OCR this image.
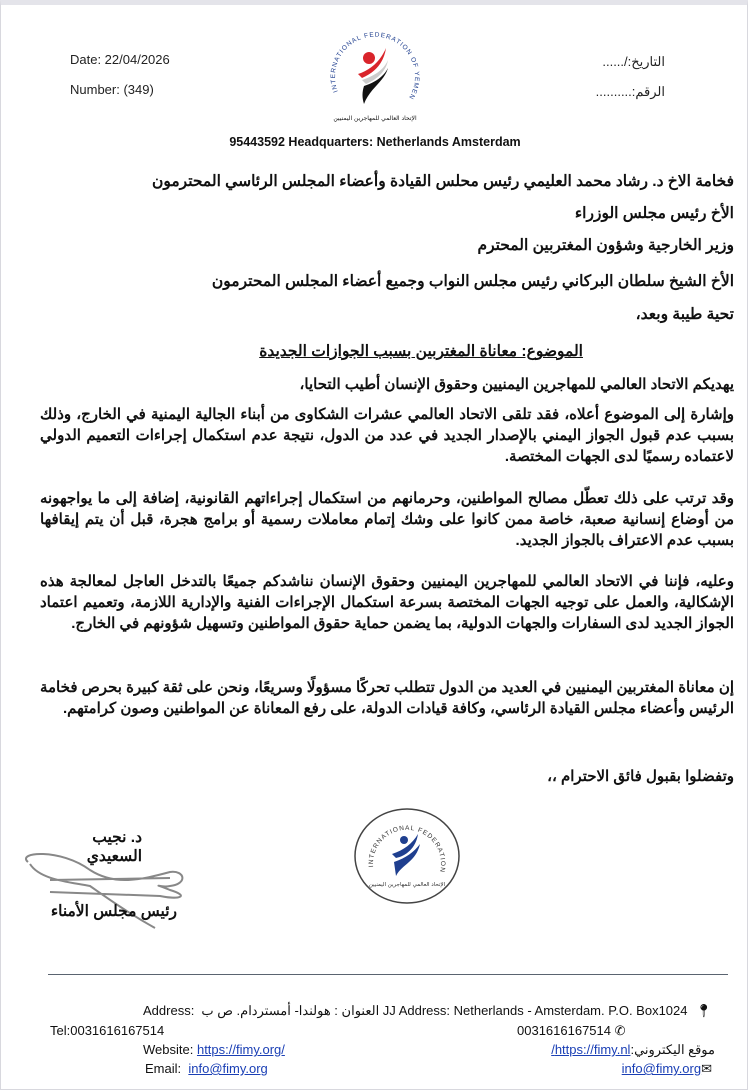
Date: 22/04/2026
Number: (349)
التاريخ:/......
الرقم:..........
INTERNATIONAL FEDERATION OF YEMEN
الإتحاد العالمي للمهاجرين اليمنيين
95443592 Headquarters: Netherlands Amsterdam
فخامة الاخ د. رشاد محمد العليمي رئيس محلس القيادة وأعضاء المجلس الرئاسي المحترمون
الأخ رئيس مجلس الوزراء
وزير الخارجية وشؤون المغتربين المحترم
الأخ الشيخ سلطان البركاني رئيس مجلس النواب وجميع أعضاء المجلس المحترمون
تحية طيبة وبعد،
الموضوع: معاناة المغتربين بسبب الجوازات الجديدة
يهديكم الاتحاد العالمي للمهاجرين اليمنيين وحقوق الإنسان أطيب التحايا،
وإشارة إلى الموضوع أعلاه، فقد تلقى الاتحاد العالمي عشرات الشكاوى من أبناء الجالية اليمنية في الخارج، وذلك بسبب عدم قبول الجواز اليمني بالإصدار الجديد في عدد من الدول، نتيجة عدم استكمال إجراءات التعميم الدولي لاعتماده رسميًا لدى الجهات المختصة.
وقد ترتب على ذلك تعطّل مصالح المواطنين، وحرمانهم من استكمال إجراءاتهم القانونية، إضافة إلى ما يواجهونه من أوضاع إنسانية صعبة، خاصة ممن كانوا على وشك إتمام معاملات رسمية أو برامج هجرة، قبل أن يتم إيقافها بسبب عدم الاعتراف بالجواز الجديد.
وعليه، فإننا في الاتحاد العالمي للمهاجرين اليمنيين وحقوق الإنسان نناشدكم جميعًا بالتدخل العاجل لمعالجة هذه الإشكالية، والعمل على توجيه الجهات المختصة بسرعة استكمال الإجراءات الفنية والإدارية اللازمة، وتعميم اعتماد الجواز الجديد لدى السفارات والجهات الدولية، بما يضمن حماية حقوق المواطنين وتسهيل شؤونهم في الخارج.
إن معاناة المغتربين اليمنيين في العديد من الدول تتطلب تحركًا مسؤولًا وسريعًا، ونحن على ثقة كبيرة بحرص فخامة الرئيس وأعضاء مجلس القيادة الرئاسي، وكافة قيادات الدولة، على رفع المعاناة عن المواطنين وصون كرامتهم.
وتفضلوا بقبول فائق الاحترام ،،
د. نجيب السعيدي
رئيس مجلس الأمناء
INTERNATIONAL FEDERATION
الإتحاد العالمي للمهاجرين اليمنيين
Address:	📍︎JJ Address: Netherlands - Amsterdam. P.O. Box1024 العنوان : هولندا- أمستردام. ص ب
Tel:0031616167514	0031616167514 ✆
Website: https://fimy.org/	موقع اليكتروني:https://fimy.nl/
Email: info@fimy.org	info@fimy.org✉
